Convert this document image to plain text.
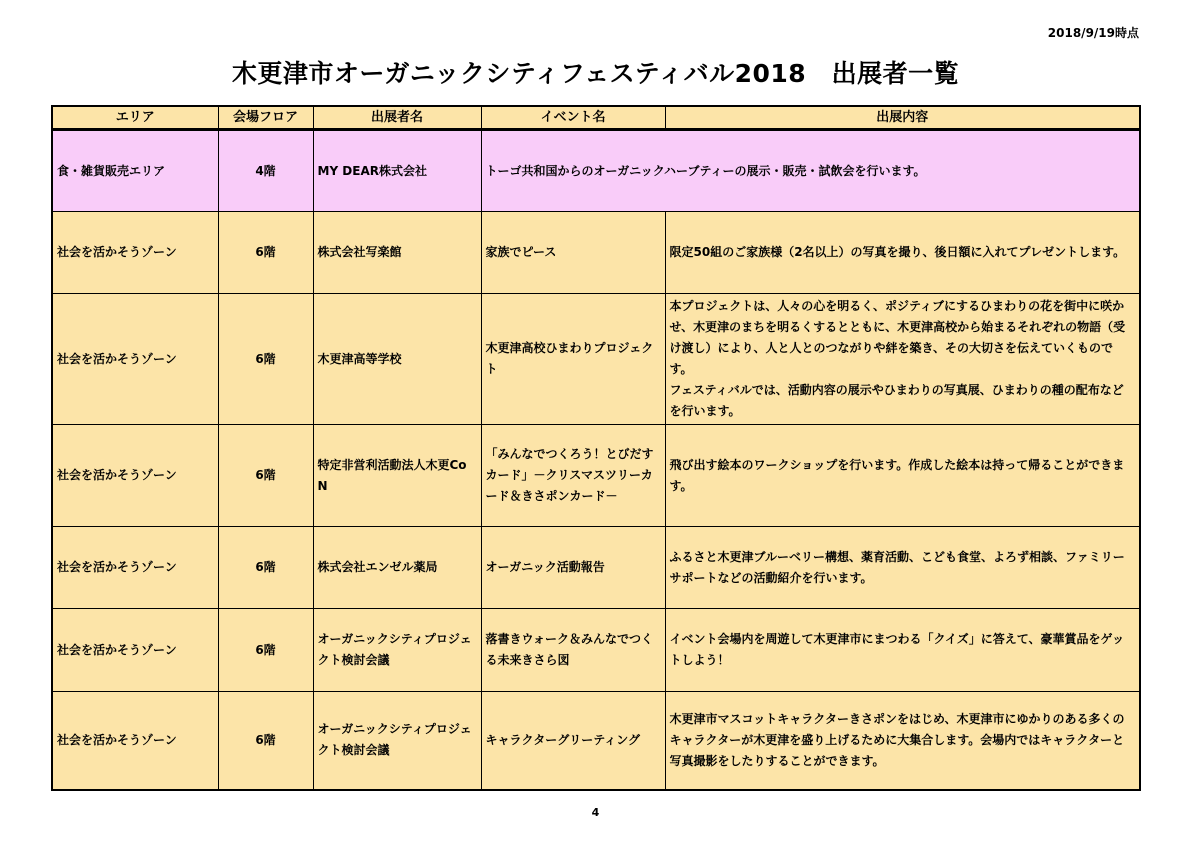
2018/9/19時点
木更津市オーガニックシティフェスティバル2018　出展者一覧
エリア	会場フロア	出展者名	イベント名	出展内容
食・雑貨販売エリア	4階	MY DEAR株式会社	トーゴ共和国からのオーガニックハーブティーの展示・販売・試飲会を行います。	
社会を活かそうゾーン	6階	株式会社写楽館	家族でピース	限定50組のご家族様（2名以上）の写真を撮り、後日額に入れてプレゼントします。
社会を活かそうゾーン	6階	木更津高等学校	木更津高校ひまわりプロジェクト	本プロジェクトは、人々の心を明るく、ポジティブにするひまわりの花を街中に咲かせ、木更津のまちを明るくするとともに、木更津高校から始まるそれぞれの物語（受け渡し）により、人と人とのつながりや絆を築き、その大切さを伝えていくものです。
フェスティバルでは、活動内容の展示やひまわりの写真展、ひまわりの種の配布などを行います。
社会を活かそうゾーン	6階	特定非営利活動法人木更CoN	「みんなでつくろう！とびだすカード」－クリスマスツリーカード＆きさポンカード－	飛び出す絵本のワークショップを行います。作成した絵本は持って帰ることができます。
社会を活かそうゾーン	6階	株式会社エンゼル薬局	オーガニック活動報告	ふるさと木更津ブルーベリー構想、薬育活動、こども食堂、よろず相談、ファミリーサポートなどの活動紹介を行います。
社会を活かそうゾーン	6階	オーガニックシティプロジェクト検討会議	落書きウォーク＆みんなでつくる未来きさら図	イベント会場内を周遊して木更津市にまつわる「クイズ」に答えて、豪華賞品をゲットしよう！
社会を活かそうゾーン	6階	オーガニックシティプロジェクト検討会議	キャラクターグリーティング	木更津市マスコットキャラクターきさポンをはじめ、木更津市にゆかりのある多くのキャラクターが木更津を盛り上げるために大集合します。会場内ではキャラクターと写真撮影をしたりすることができます。
4
